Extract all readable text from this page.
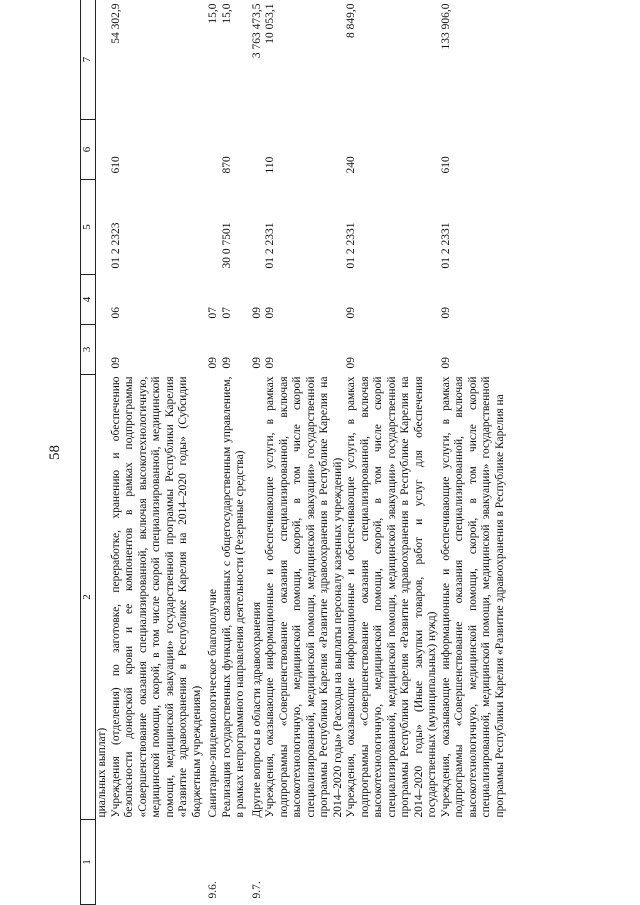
58
1	2	3	4	5	6	7
	циальных выплат)					
	Учреждения (отделения) по заготовке, переработке, хранению и обеспечению безопасности донорской крови и ее компонентов в рамках подпрограммы «Совершенствование оказания специализированной, включая высокотехнологичную, медицинской помощи, скорой, в том числе скорой специализированной, медицинской помощи, медицинской эвакуации» государственной программы Республики Карелия «Развитие здравоохранения в Республике Карелия на 2014–2020 годы» (Субсидии бюджетным учреждениям)	09	06	01 2 2323	610	54 302,9
9.6.	Санитарно-эпидемиологическое благополучие	09	07			15,0
	Реализация государственных функций, связанных с общегосударственным управлением, в рамках непрограммного направления деятельности (Резервные средства)	09	07	30 0 7501	870	15,0
9.7.	Другие вопросы в области здравоохранения	09	09			3 763 473,5
	Учреждения, оказывающие информационные и обеспечивающие услуги, в рамках подпрограммы «Совершенствование оказания специализированной, включая высокотехнологичную, медицинской помощи, скорой, в том числе скорой специализированной, медицинской помощи, медицинской эвакуации» государственной программы Республики Карелия «Развитие здравоохранения в Республике Карелия на 2014–2020 годы» (Расходы на выплаты персоналу казенных учреждений)	09	09	01 2 2331	110	10 053,1
	Учреждения, оказывающие информационные и обеспечивающие услуги, в рамках подпрограммы «Совершенствование оказания специализированной, включая высокотехнологичную, медицинской помощи, скорой, в том числе скорой специализированной, медицинской помощи, медицинской эвакуации» государственной программы Республики Карелия «Развитие здравоохранения в Республике Карелия на 2014–2020 годы» (Иные закупки товаров, работ и услуг для обеспечения государственных (муниципальных) нужд)	09	09	01 2 2331	240	8 849,0
	Учреждения, оказывающие информационные и обеспечивающие услуги, в рамках подпрограммы «Совершенствование оказания специализированной, включая высокотехнологичную, медицинской помощи, скорой, в том числе скорой специализированной, медицинской помощи, медицинской эвакуации» государственной программы Республики Карелия «Развитие здравоохранения в Республике Карелия на	09	09	01 2 2331	610	133 906,0
